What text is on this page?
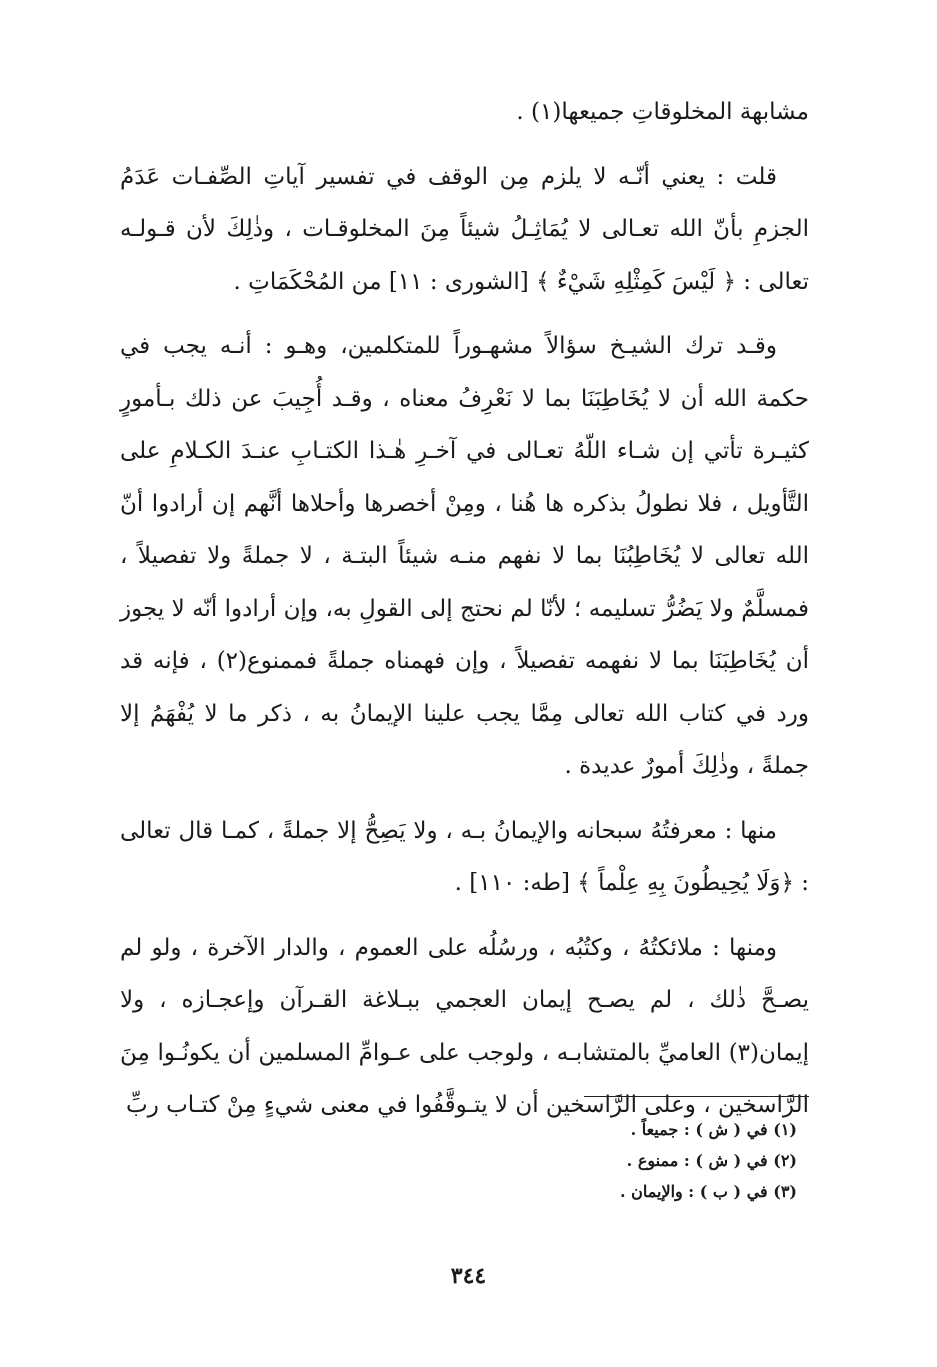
مشابهة المخلوقاتِ جميعها(١) .

قلت : يعني أنّـه لا يلزم مِن الوقف في تفسير آياتِ الصِّفـات عَدَمُ الجزمِ بأنّ الله تعـالى لا يُمَاثِـلُ شيئاً مِنَ المخلوقـات ، وذٰلِكَ لأن قـولـه تعالى : ﴿ لَيْسَ كَمِثْلِهِ شَيْءٌ ﴾ [الشورى : ١١] من المُحْكَمَاتِ .

وقـد ترك الشيـخ سؤالاً مشهـوراً للمتكلمين، وهـو : أنـه يجب في حكمة الله أن لا يُخَاطِبَنَا بما لا نَعْرِفُ معناه ، وقـد أُجِيبَ عن ذلك بـأمورٍ كثيـرة تأتي إن شـاء اللّهُ تعـالى في آخـرِ هٰـذا الكتـابِ عنـدَ الكـلامِ على التَّأويل ، فلا نطولُ بذكره ها هُنا ، ومِنْ أخصرها وأحلاها أنَّهم إن أرادوا أنّ الله تعالى لا يُخَاطِبُنَا بما لا نفهم منـه شيئاً البتـة ، لا جملةً ولا تفصيلاً ، فمسلَّمٌ ولا يَضُرُّ تسليمه ؛ لأنّا لم نحتج إلى القولِ به، وإن أرادوا أنّه لا يجوز أن يُخَاطِبَنَا بما لا نفهمه تفصيلاً ، وإن فهمناه جملةً فممنوع(٢) ، فإنه قد ورد في كتاب الله تعالى مِمَّا يجب علينا الإيمانُ به ، ذكر ما لا يُفْهَمُ إلا جملةً ، وذٰلِكَ أمورٌ عديدة .

منها : معرفتُهُ سبحانه والإيمانُ بـه ، ولا يَصِحُّ إلا جملةً ، كمـا قال تعالى : ﴿وَلَا يُحِيطُونَ بِهِ عِلْماً ﴾ [طه: ١١٠] .

ومنها : ملائكتُهُ ، وكتُبُه ، ورسُلُه على العموم ، والدار الآخرة ، ولو لم يصـحَّ ذٰلك ، لم يصـح إيمان العجمي ببـلاغة القـرآن وإعجـازه ، ولا إيمان(٣) العاميِّ بالمتشابـه ، ولوجب على عـوامِّ المسلمين أن يكونُـوا مِنَ الرَّاسخين ، وعلى الرَّاسخين أن لا يتـوقَّفُوا في معنى شيءٍ مِنْ كتـاب ربِّ

(١) في ( ش ) : جميعاً .
(٢) في ( ش ) : ممنوع .
(٣) في ( ب ) : والإيمان .
٣٤٤
